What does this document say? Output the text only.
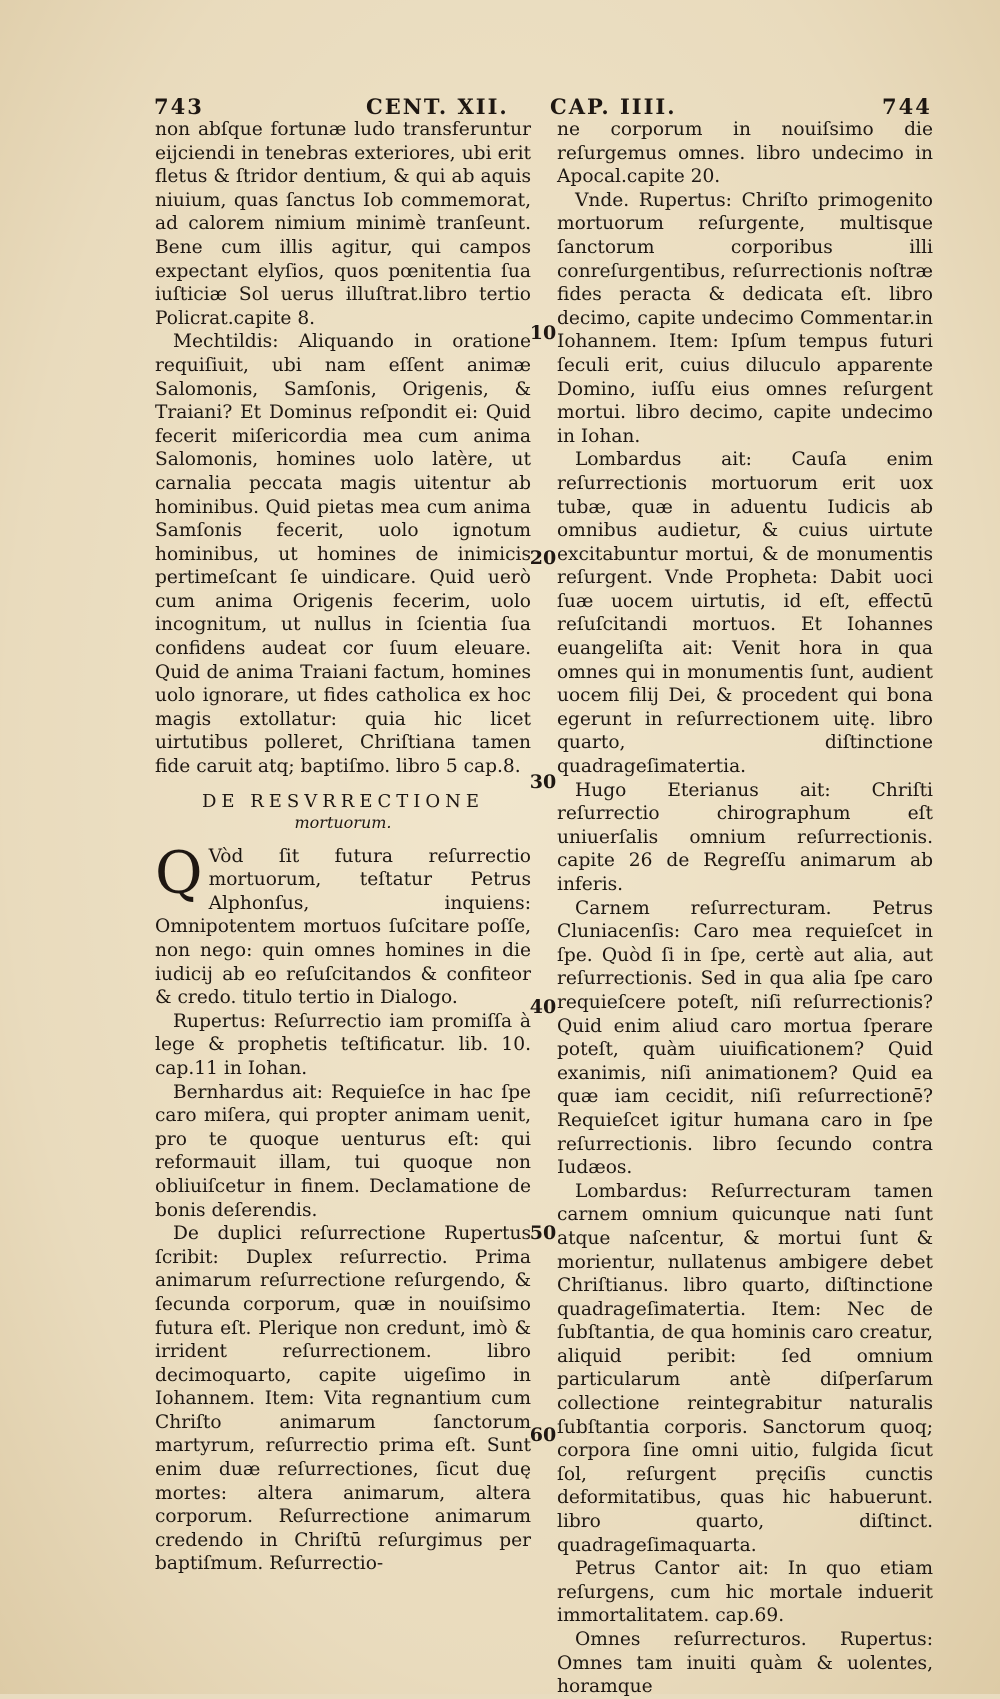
743	CENT. XII. CAP. IIII.	744

non abſque fortunæ ludo transferuntur eijciendi in tenebras exteriores, ubi erit fletus & ſtridor dentium, & qui ab aquis niuium, quas ſanctus Iob commemorat, ad calorem nimium minimè tranſeunt. Bene cum illis agitur, qui campos expectant elyſios, quos pœnitentia ſua iuſticiæ Sol uerus illuſtrat.libro tertio Policrat.capite 8.

Mechtildis: Aliquando in oratione requiſiuit, ubi nam eſſent animæ Salomonis, Samſonis, Origenis, & Traiani? Et Dominus reſpondit ei: Quid fecerit miſericordia mea cum anima Salomonis, homines uolo latère, ut carnalia peccata magis uitentur ab hominibus. Quid pietas mea cum anima Samſonis fecerit, uolo ignotum hominibus, ut homines de inimicis pertimeſcant ſe uindicare. Quid uerò cum anima Origenis fecerim, uolo incognitum, ut nullus in ſcientia ſua confidens audeat cor ſuum eleuare. Quid de anima Traiani factum, homines uolo ignorare, ut fides catholica ex hoc magis extollatur: quia hic licet uirtutibus polleret, Chriſtiana tamen fide caruit atq; baptiſmo. libro 5 cap.8.

DE RESVRRECTIONE
mortuorum.

Q Vòd ſit futura reſurrectio mortuorum, teſtatur Petrus Alphonſus, inquiens: Omnipotentem mortuos ſuſcitare poſſe, non nego: quin omnes homines in die iudicij ab eo reſuſcitandos & confiteor & credo. titulo tertio in Dialogo.

Rupertus: Reſurrectio iam promiſſa à lege & prophetis teſtificatur. lib. 10. cap.11 in Iohan.

Bernhardus ait: Requieſce in hac ſpe caro miſera, qui propter animam uenit, pro te quoque uenturus eſt: qui reformauit illam, tui quoque non obliuiſcetur in finem. Declamatione de bonis deſerendis.

De duplici reſurrectione Rupertus ſcribit: Duplex reſurrectio. Prima animarum reſurrectione reſurgendo, & ſecunda corporum, quæ in nouiſsimo futura eſt. Plerique non credunt, imò & irrident reſurrectionem. libro decimoquarto, capite uigeſimo in Iohannem. Item: Vita regnantium cum Chriſto animarum ſanctorum martyrum, reſurrectio prima eſt. Sunt enim duæ reſurrectiones, ſicut duę mortes: altera animarum, altera corporum. Reſurrectione animarum credendo in Chriſtū reſurgimus per baptiſmum. Reſurrectio-

10
20
30
40
50
60

ne corporum in nouiſsimo die reſurgemus omnes. libro undecimo in Apocal.capite 20.

Vnde. Rupertus: Chriſto primogenito mortuorum reſurgente, multisque ſanctorum corporibus illi conreſurgentibus, reſurrectionis noſtræ fides peracta & dedicata eſt. libro decimo, capite undecimo Commentar.in Iohannem. Item: Ipſum tempus futuri ſeculi erit, cuius diluculo apparente Domino, iuſſu eius omnes reſurgent mortui. libro decimo, capite undecimo in Iohan.

Lombardus ait: Cauſa enim reſurrectionis mortuorum erit uox tubæ, quæ in aduentu Iudicis ab omnibus audietur, & cuius uirtute excitabuntur mortui, & de monumentis reſurgent. Vnde Propheta: Dabit uoci ſuæ uocem uirtutis, id eſt, effectū reſuſcitandi mortuos. Et Iohannes euangeliſta ait: Venit hora in qua omnes qui in monumentis ſunt, audient uocem filij Dei, & procedent qui bona egerunt in reſurrectionem uitę. libro quarto, diſtinctione quadrageſimatertia.

Hugo Eterianus ait: Chriſti reſurrectio chirographum eſt uniuerſalis omnium reſurrectionis. capite 26 de Regreſſu animarum ab inferis.

Carnem reſurrecturam. Petrus Cluniacenſis: Caro mea requieſcet in ſpe. Quòd ſi in ſpe, certè aut alia, aut reſurrectionis. Sed in qua alia ſpe caro requieſcere poteſt, niſi reſurrectionis? Quid enim aliud caro mortua ſperare poteſt, quàm uiuificationem? Quid exanimis, niſi animationem? Quid ea quæ iam cecidit, niſi reſurrectionē? Requieſcet igitur humana caro in ſpe reſurrectionis. libro ſecundo contra Iudæos.

Lombardus: Reſurrecturam tamen carnem omnium quicunque nati ſunt atque naſcentur, & mortui ſunt & morientur, nullatenus ambigere debet Chriſtianus. libro quarto, diſtinctione quadrageſimatertia. Item: Nec de ſubſtantia, de qua hominis caro creatur, aliquid peribit: ſed omnium particularum antè diſperſarum collectione reintegrabitur naturalis ſubſtantia corporis. Sanctorum quoq; corpora ſine omni uitio, fulgida ſicut ſol, reſurgent pręciſis cunctis deformitatibus, quas hic habuerunt. libro quarto, diſtinct. quadrageſimaquarta.

Petrus Cantor ait: In quo etiam reſurgens, cum hic mortale induerit immortalitatem. cap.69.

Omnes reſurrecturos. Rupertus: Omnes tam inuiti quàm & uolentes, horamque
